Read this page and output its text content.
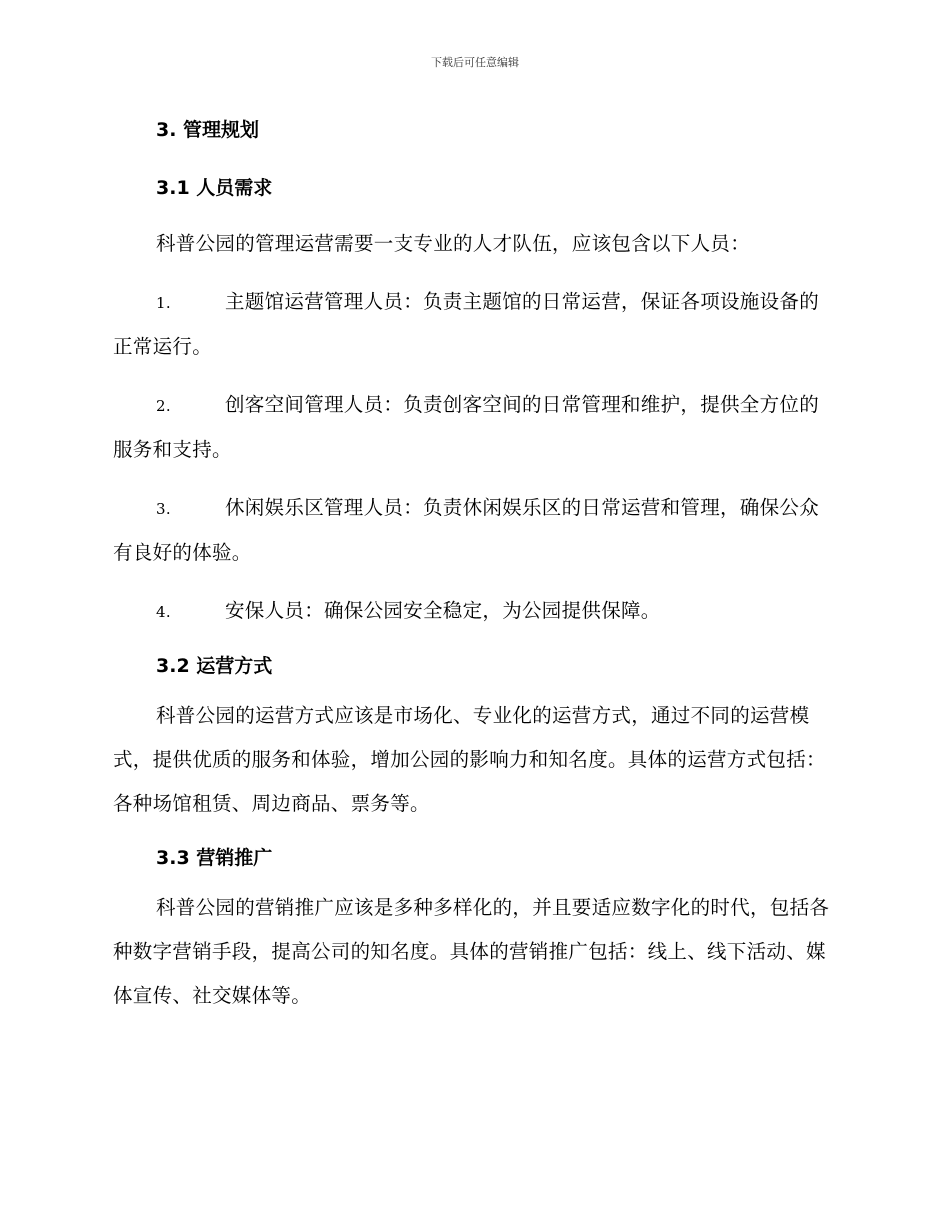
下载后可任意编辑
3. 管理规划
3.1 人员需求

科普公园的管理运营需要一支专业的人才队伍，应该包含以下人员：

1.	主题馆运营管理人员：负责主题馆的日常运营，保证各项设施设备的正常运行。

2.	创客空间管理人员：负责创客空间的日常管理和维护，提供全方位的服务和支持。

3.	休闲娱乐区管理人员：负责休闲娱乐区的日常运营和管理，确保公众有良好的体验。

4.	安保人员：确保公园安全稳定，为公园提供保障。

3.2 运营方式

科普公园的运营方式应该是市场化、专业化的运营方式，通过不同的运营模式，提供优质的服务和体验，增加公园的影响力和知名度。具体的运营方式包括：各种场馆租赁、周边商品、票务等。

3.3 营销推广

科普公园的营销推广应该是多种多样化的，并且要适应数字化的时代，包括各种数字营销手段，提高公司的知名度。具体的营销推广包括：线上、线下活动、媒体宣传、社交媒体等。
